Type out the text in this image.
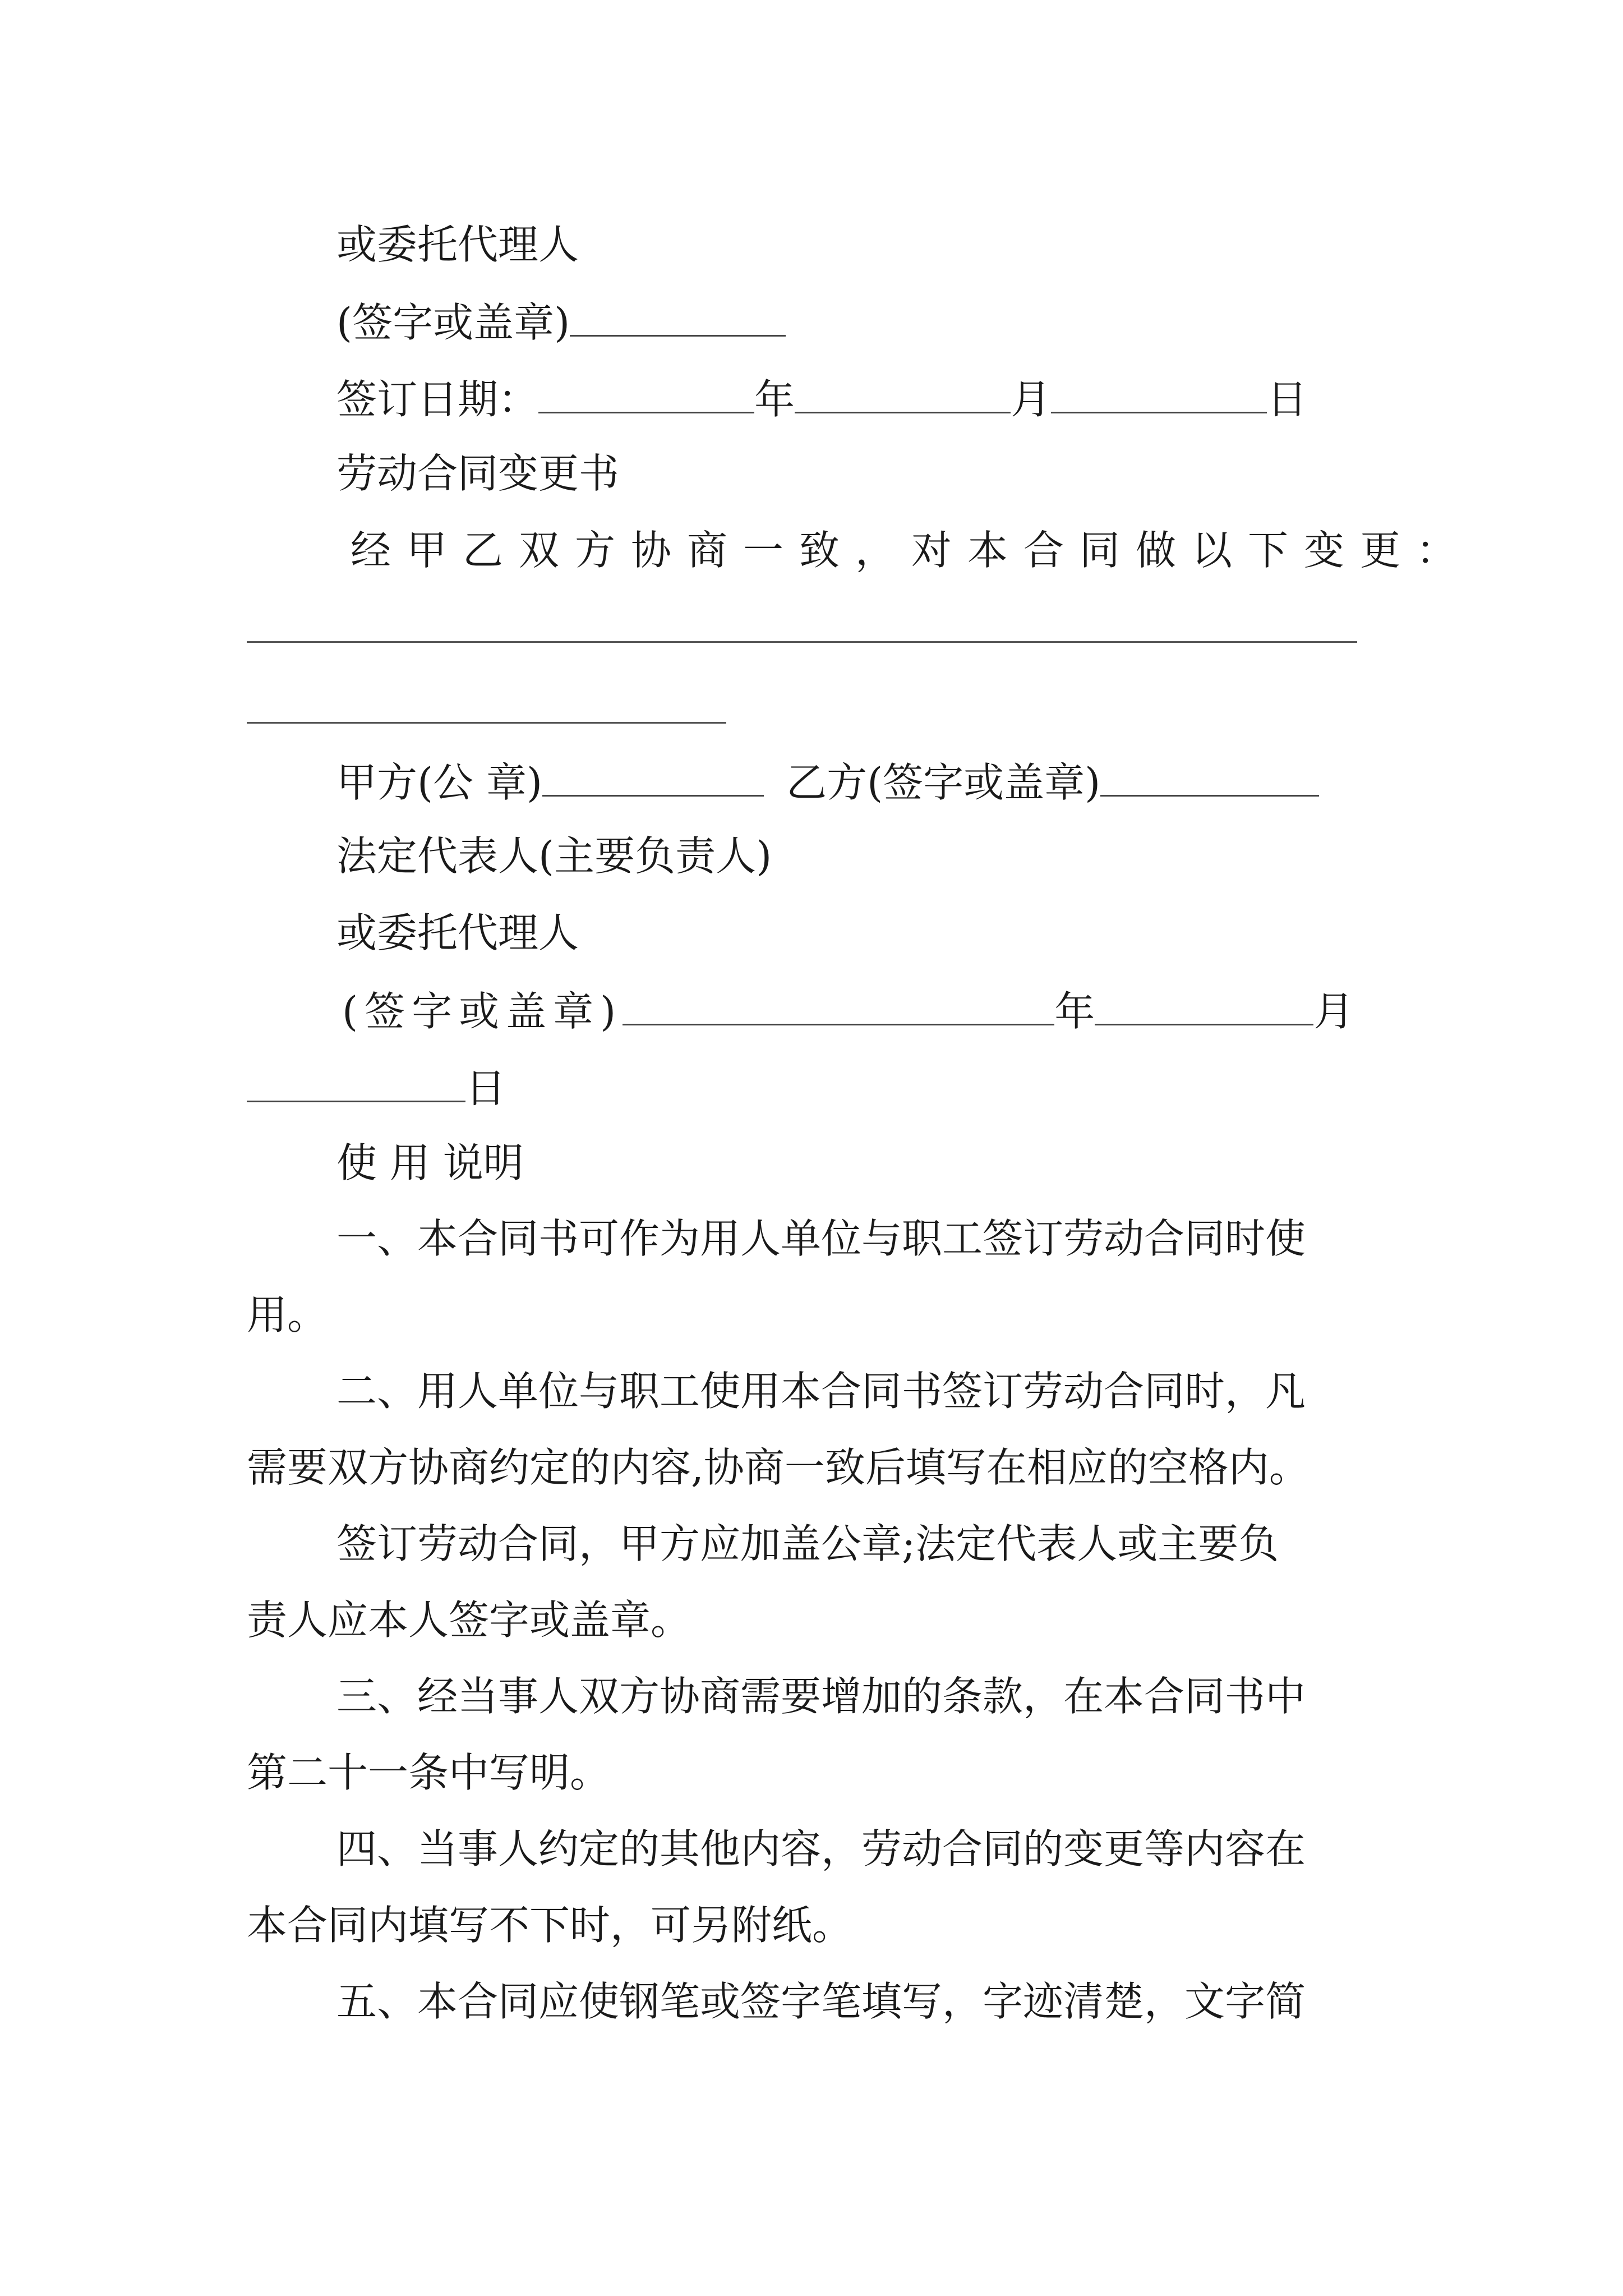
或委托代理人
(签字或盖章)
签订日期：	年	月	日
劳动合同变更书
经甲乙双方协商一致，对本合同做以下变更：
甲方(公 章)	乙方(签字或盖章)
法定代表人(主要负责人)
或委托代理人
(签字或盖章)	年	月
日
使 用 说明
一、本合同书可作为用人单位与职工签订劳动合同时使
用。
二、用人单位与职工使用本合同书签订劳动合同时，凡
需要双方协商约定的内容,协商一致后填写在相应的空格内。
签订劳动合同，甲方应加盖公章;法定代表人或主要负
责人应本人签字或盖章。
三、经当事人双方协商需要增加的条款，在本合同书中
第二十一条中写明。
四、当事人约定的其他内容，劳动合同的变更等内容在
本合同内填写不下时，可另附纸。
五、本合同应使钢笔或签字笔填写，字迹清楚，文字简
